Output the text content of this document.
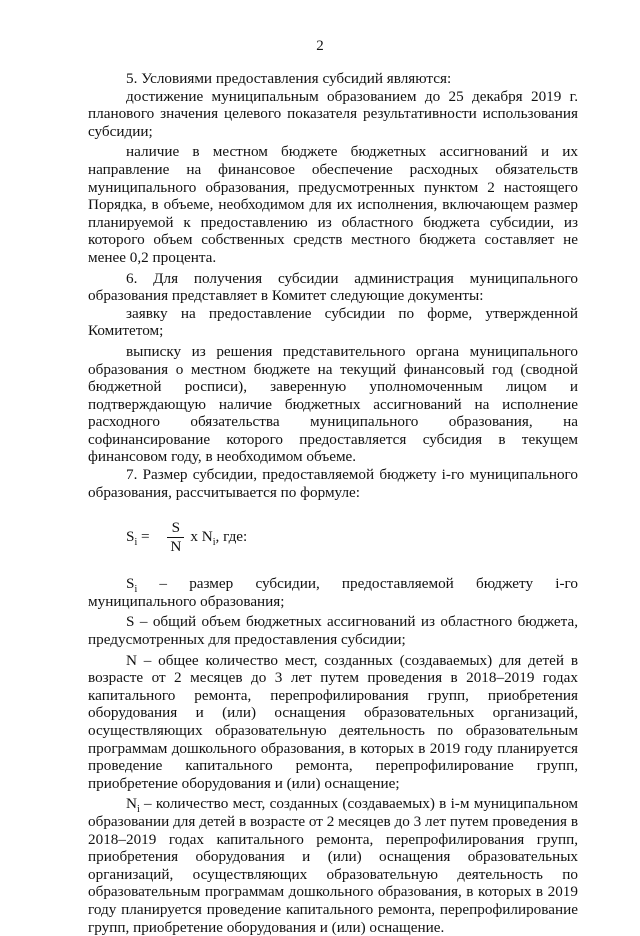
2

5. Условиями предоставления субсидий являются:

достижение муниципальным образованием до 25 декабря 2019 г. планового значения целевого показателя результативности использования субсидии;

наличие в местном бюджете бюджетных ассигнований и их направление на финансовое обеспечение расходных обязательств муниципального образования, предусмотренных пунктом 2 настоящего Порядка, в объеме, необходимом для их исполнения, включающем размер планируемой к предоставлению из областного бюджета субсидии, из которого объем собственных средств местного бюджета составляет не менее 0,2 процента.

6. Для получения субсидии администрация муниципального образования представляет в Комитет следующие документы:

заявку на предоставление субсидии по форме, утвержденной Комитетом;

выписку из решения представительного органа муниципального образования о местном бюджете на текущий финансовый год (сводной бюджетной росписи), заверенную уполномоченным лицом и подтверждающую наличие бюджетных ассигнований на исполнение расходного обязательства муниципального образования, на софинансирование которого предоставляется субсидия в текущем финансовом году, в необходимом объеме.

7. Размер субсидии, предоставляемой бюджету i-го муниципального образования, рассчитывается по формуле:

$S_i = \frac{S}{N}$ x $N_i$ , где:

$S_i$ – размер субсидии, предоставляемой бюджету i-го муниципального образования;

S – общий объем бюджетных ассигнований из областного бюджета, предусмотренных для предоставления субсидии;

N – общее количество мест, созданных (создаваемых) для детей в возрасте от 2 месяцев до 3 лет путем проведения в 2018–2019 годах капитального ремонта, перепрофилирования групп, приобретения оборудования и (или) оснащения образовательных организаций, осуществляющих образовательную деятельность по образовательным программам дошкольного образования, в которых в 2019 году планируется проведение капитального ремонта, перепрофилирование групп, приобретение оборудования и (или) оснащение;

$N_i$ – количество мест, созданных (создаваемых) в i-м муниципальном образовании для детей в возрасте от 2 месяцев до 3 лет путем проведения в 2018–2019 годах капитального ремонта, перепрофилирования групп, приобретения оборудования и (или) оснащения образовательных организаций, осуществляющих образовательную деятельность по образовательным программам дошкольного образования, в которых в 2019 году планируется проведение капитального ремонта, перепрофилирование групп, приобретение оборудования и (или) оснащение.
